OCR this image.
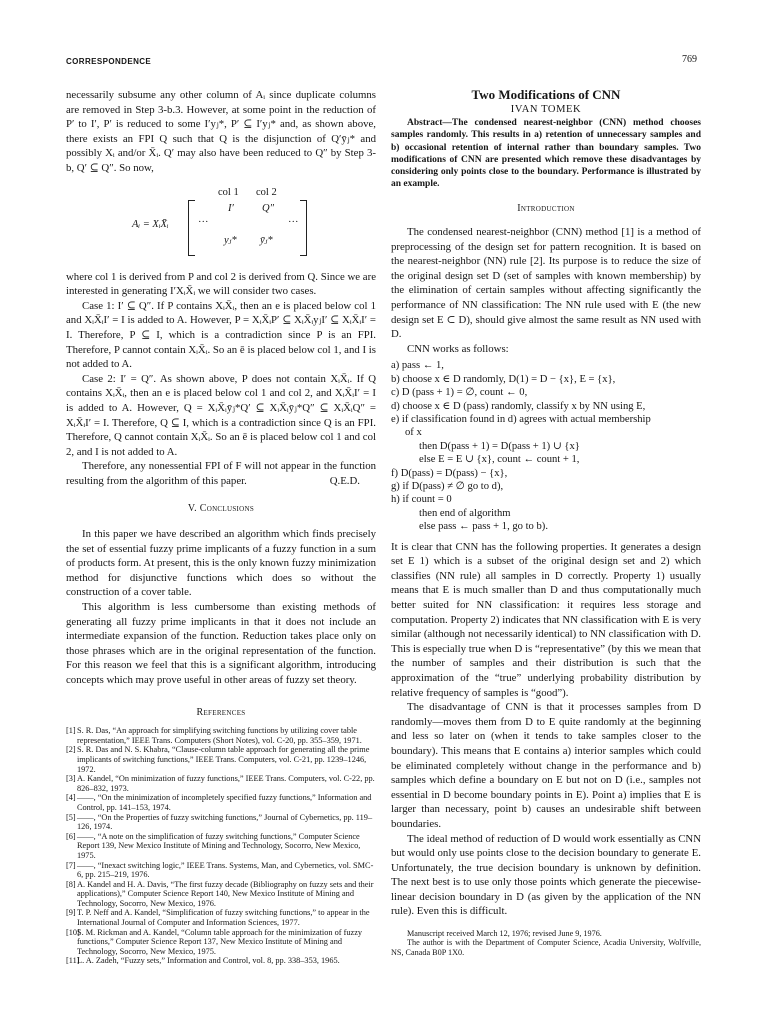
CORRESPONDENCE	769

necessarily subsume any other column of Aᵢ since duplicate columns are removed in Step 3-b.3. However, at some point in the reduction of P′ to I′, P′ is reduced to some I′yⱼ*, P′ ⊆ I′yⱼ* and, as shown above, there exists an FPI Q such that Q is the disjunction of Q′ȳⱼ* and possibly Xᵢ and/or X̄ᵢ. Q′ may also have been reduced to Q″ by Step 3-b, Q′ ⊆ Q″. So now,

col 1 col 2
Aᵢ = XᵢX̄ᵢ	···
I′	Q″
···
yⱼ* ȳⱼ*

where col 1 is derived from P and col 2 is derived from Q. Since we are interested in generating I′XᵢX̄ᵢ we will consider two cases.

Case 1: I′ ⊆ Q″. If P contains XᵢX̄ᵢ, then an e is placed below col 1 and XᵢX̄ᵢI′ = I is added to A. However, P = XᵢX̄ᵢP′ ⊆ XᵢX̄ᵢyⱼI′ ⊆ XᵢX̄ᵢI′ = I. Therefore, P ⊆ I, which is a contradiction since P is an FPI. Therefore, P cannot contain XᵢX̄ᵢ. So an ē is placed below col 1, and I is not added to A.

Case 2: I′ = Q″. As shown above, P does not contain XᵢX̄ᵢ. If Q contains XᵢX̄ᵢ, then an e is placed below col 1 and col 2, and XᵢX̄ᵢI′ = I is added to A. However, Q = XᵢX̄ᵢȳⱼ*Q′ ⊆ XᵢX̄ᵢȳⱼ*Q″ ⊆ XᵢX̄ᵢQ″ = XᵢX̄ᵢI′ = I. Therefore, Q ⊆ I, which is a contradiction since Q is an FPI. Therefore, Q cannot contain XᵢX̄ᵢ. So an ē is placed below col 1 and col 2, and I is not added to A.

Therefore, any nonessential FPI of F will not appear in the function resulting from the algorithm of this paper.	Q.E.D.

V. Conclusions

In this paper we have described an algorithm which finds precisely the set of essential fuzzy prime implicants of a fuzzy function in a sum of products form. At present, this is the only known fuzzy minimization method for disjunctive functions which does so without the construction of a cover table.

This algorithm is less cumbersome than existing methods of generating all fuzzy prime implicants in that it does not include an intermediate expansion of the function. Reduction takes place only on those phrases which are in the original representation of the function. For this reason we feel that this is a significant algorithm, introducing concepts which may prove useful in other areas of fuzzy set theory.

References

[1] S. R. Das, “An approach for simplifying switching functions by utilizing cover table representation,” IEEE Trans. Computers (Short Notes), vol. C-20, pp. 355–359, 1971.
[2] S. R. Das and N. S. Khabra, “Clause-column table approach for generating all the prime implicants of switching functions,” IEEE Trans. Computers, vol. C-21, pp. 1239–1246, 1972.
[3] A. Kandel, “On minimization of fuzzy functions,” IEEE Trans. Computers, vol. C-22, pp. 826–832, 1973.
[4] ——, “On the minimization of incompletely specified fuzzy functions,” Information and Control, pp. 141–153, 1974.
[5] ——, “On the Properties of fuzzy switching functions,” Journal of Cybernetics, pp. 119–126, 1974.
[6] ——, “A note on the simplification of fuzzy switching functions,” Computer Science Report 139, New Mexico Institute of Mining and Technology, Socorro, New Mexico, 1975.
[7] ——, “Inexact switching logic,” IEEE Trans. Systems, Man, and Cybernetics, vol. SMC-6, pp. 215–219, 1976.
[8] A. Kandel and H. A. Davis, “The first fuzzy decade (Bibliography on fuzzy sets and their applications),” Computer Science Report 140, New Mexico Institute of Mining and Technology, Socorro, New Mexico, 1976.
[9] T. P. Neff and A. Kandel, “Simplification of fuzzy switching functions,” to appear in the International Journal of Computer and Information Sciences, 1977.
[10]
S. M. Rickman and A. Kandel, “Column table approach for the minimization of fuzzy functions,” Computer Science Report 137, New Mexico Institute of Mining and Technology, Socorro, New Mexico, 1975.
[11]
L. A. Zadeh, “Fuzzy sets,” Information and Control, vol. 8, pp. 338–353, 1965.

Two Modifications of CNN

IVAN TOMEK

Abstract—The condensed nearest-neighbor (CNN) method chooses samples randomly. This results in a) retention of unnecessary samples and b) occasional retention of internal rather than boundary samples. Two modifications of CNN are presented which remove these disadvantages by considering only points close to the boundary. Performance is illustrated by an example.

Introduction

The condensed nearest-neighbor (CNN) method [1] is a method of preprocessing of the design set for pattern recognition. It is based on the nearest-neighbor (NN) rule [2]. Its purpose is to reduce the size of the original design set D (set of samples with known membership) by the elimination of certain samples without affecting significantly the performance of NN classification: The NN rule used with E (the new design set E ⊂ D), should give almost the same result as NN used with D.

CNN works as follows:

a) pass ← 1,
b) choose x ∈ D randomly, D(1) = D − {x}, E = {x},
c) D (pass + 1) = ∅, count ← 0,
d) choose x ∈ D (pass) randomly, classify x by NN using E,
e) if classification found in d) agrees with actual membership
of x
then D(pass + 1) = D(pass + 1) ∪ {x}
else E = E ∪ {x}, count ← count + 1,
f) D(pass) = D(pass) − {x},
g) if D(pass) ≠ ∅ go to d),
h) if count = 0
then end of algorithm
else pass ← pass + 1, go to b).

It is clear that CNN has the following properties. It generates a design set E 1) which is a subset of the original design set and 2) which classifies (NN rule) all samples in D correctly. Property 1) usually means that E is much smaller than D and thus computationally much better suited for NN classification: it requires less storage and computation. Property 2) indicates that NN classification with E is very similar (although not necessarily identical) to NN classification with D. This is especially true when D is “representative” (by this we mean that the number of samples and their distribution is such that the approximation of the “true” underlying probability distribution by relative frequency of samples is “good”).

The disadvantage of CNN is that it processes samples from D randomly—moves them from D to E quite randomly at the beginning and less so later on (when it tends to take samples closer to the boundary). This means that E contains a) interior samples which could be eliminated completely without change in the performance and b) samples which define a boundary on E but not on D (i.e., samples not essential in D become boundary points in E). Point a) implies that E is larger than necessary, point b) causes an undesirable shift between boundaries.

The ideal method of reduction of D would work essentially as CNN but would only use points close to the decision boundary to generate E. Unfortunately, the true decision boundary is unknown by definition. The next best is to use only those points which generate the piecewise-linear decision boundary in D (as given by the application of the NN rule). Even this is difficult.

Manuscript received March 12, 1976; revised June 9, 1976.

The author is with the Department of Computer Science, Acadia University, Wolfville, NS, Canada B0P 1X0.
